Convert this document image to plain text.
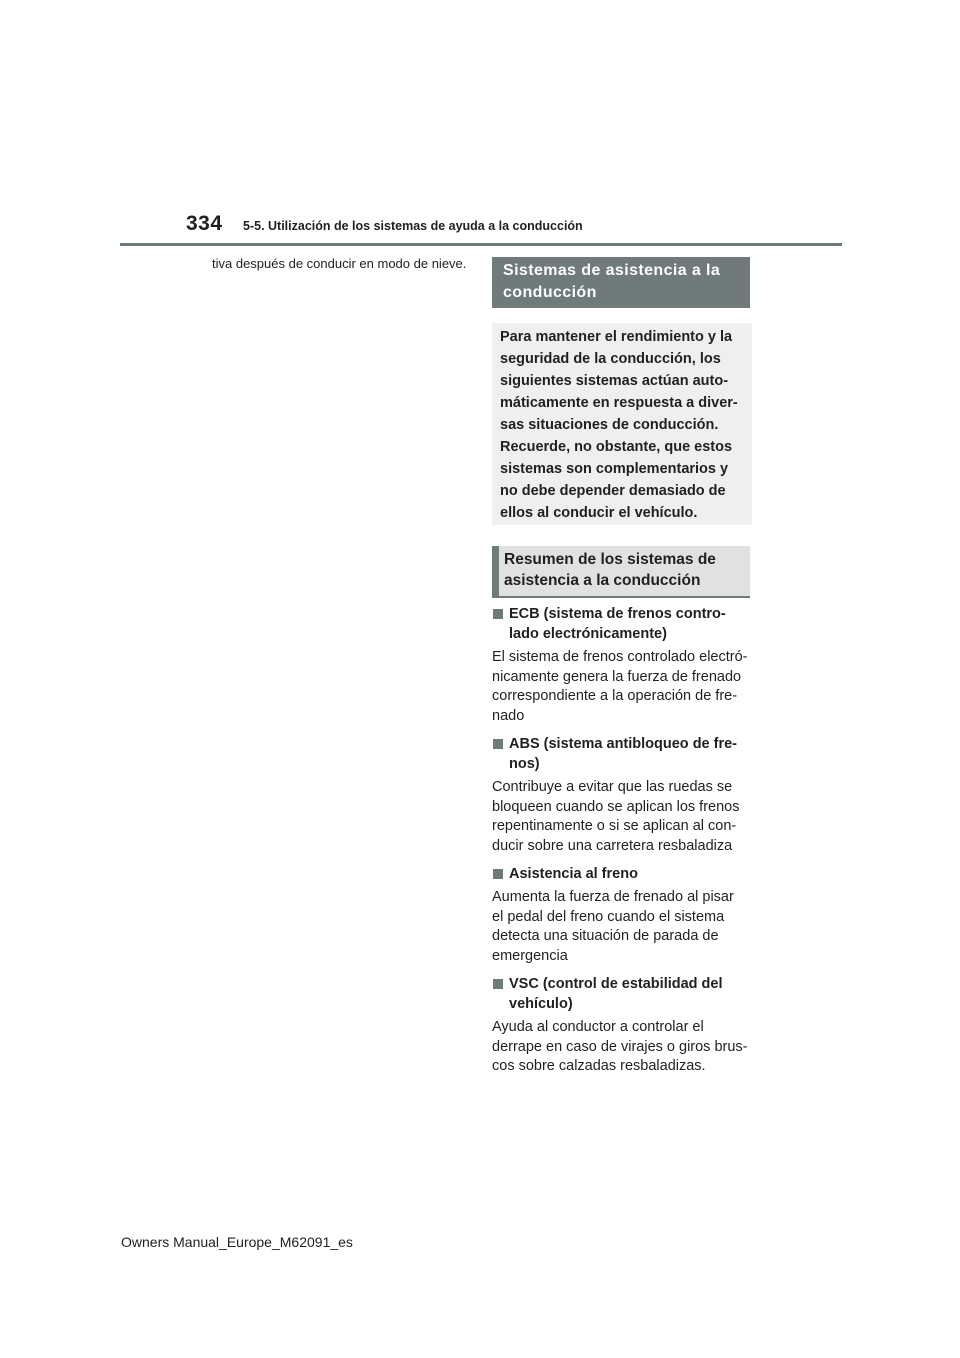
334 5-5. Utilización de los sistemas de ayuda a la conducción
tiva después de conducir en modo de nieve. Sistemas de asistencia a la
conducción

Para mantener el rendimiento y la

seguridad de la conducción, los

siguientes sistemas actúan auto-

máticamente en respuesta a diver-

sas situaciones de conducción.

Recuerde, no obstante, que estos

sistemas son complementarios y

no debe depender demasiado de

ellos al conducir el vehículo.

Resumen de los sistemas de
asistencia a la conducción
ECB (sistema de frenos contro-
lado electrónicamente)
El sistema de frenos controlado electró-
nicamente genera la fuerza de frenado
correspondiente a la operación de fre-
nado
ABS (sistema antibloqueo de fre-
nos)
Contribuye a evitar que las ruedas se
bloqueen cuando se aplican los frenos
repentinamente o si se aplican al con-
ducir sobre una carretera resbaladiza
Asistencia al freno
Aumenta la fuerza de frenado al pisar
el pedal del freno cuando el sistema
detecta una situación de parada de
emergencia
VSC (control de estabilidad del
vehículo)
Ayuda al conductor a controlar el
derrape en caso de virajes o giros brus-
cos sobre calzadas resbaladizas.
Owners Manual_Europe_M62091_es
